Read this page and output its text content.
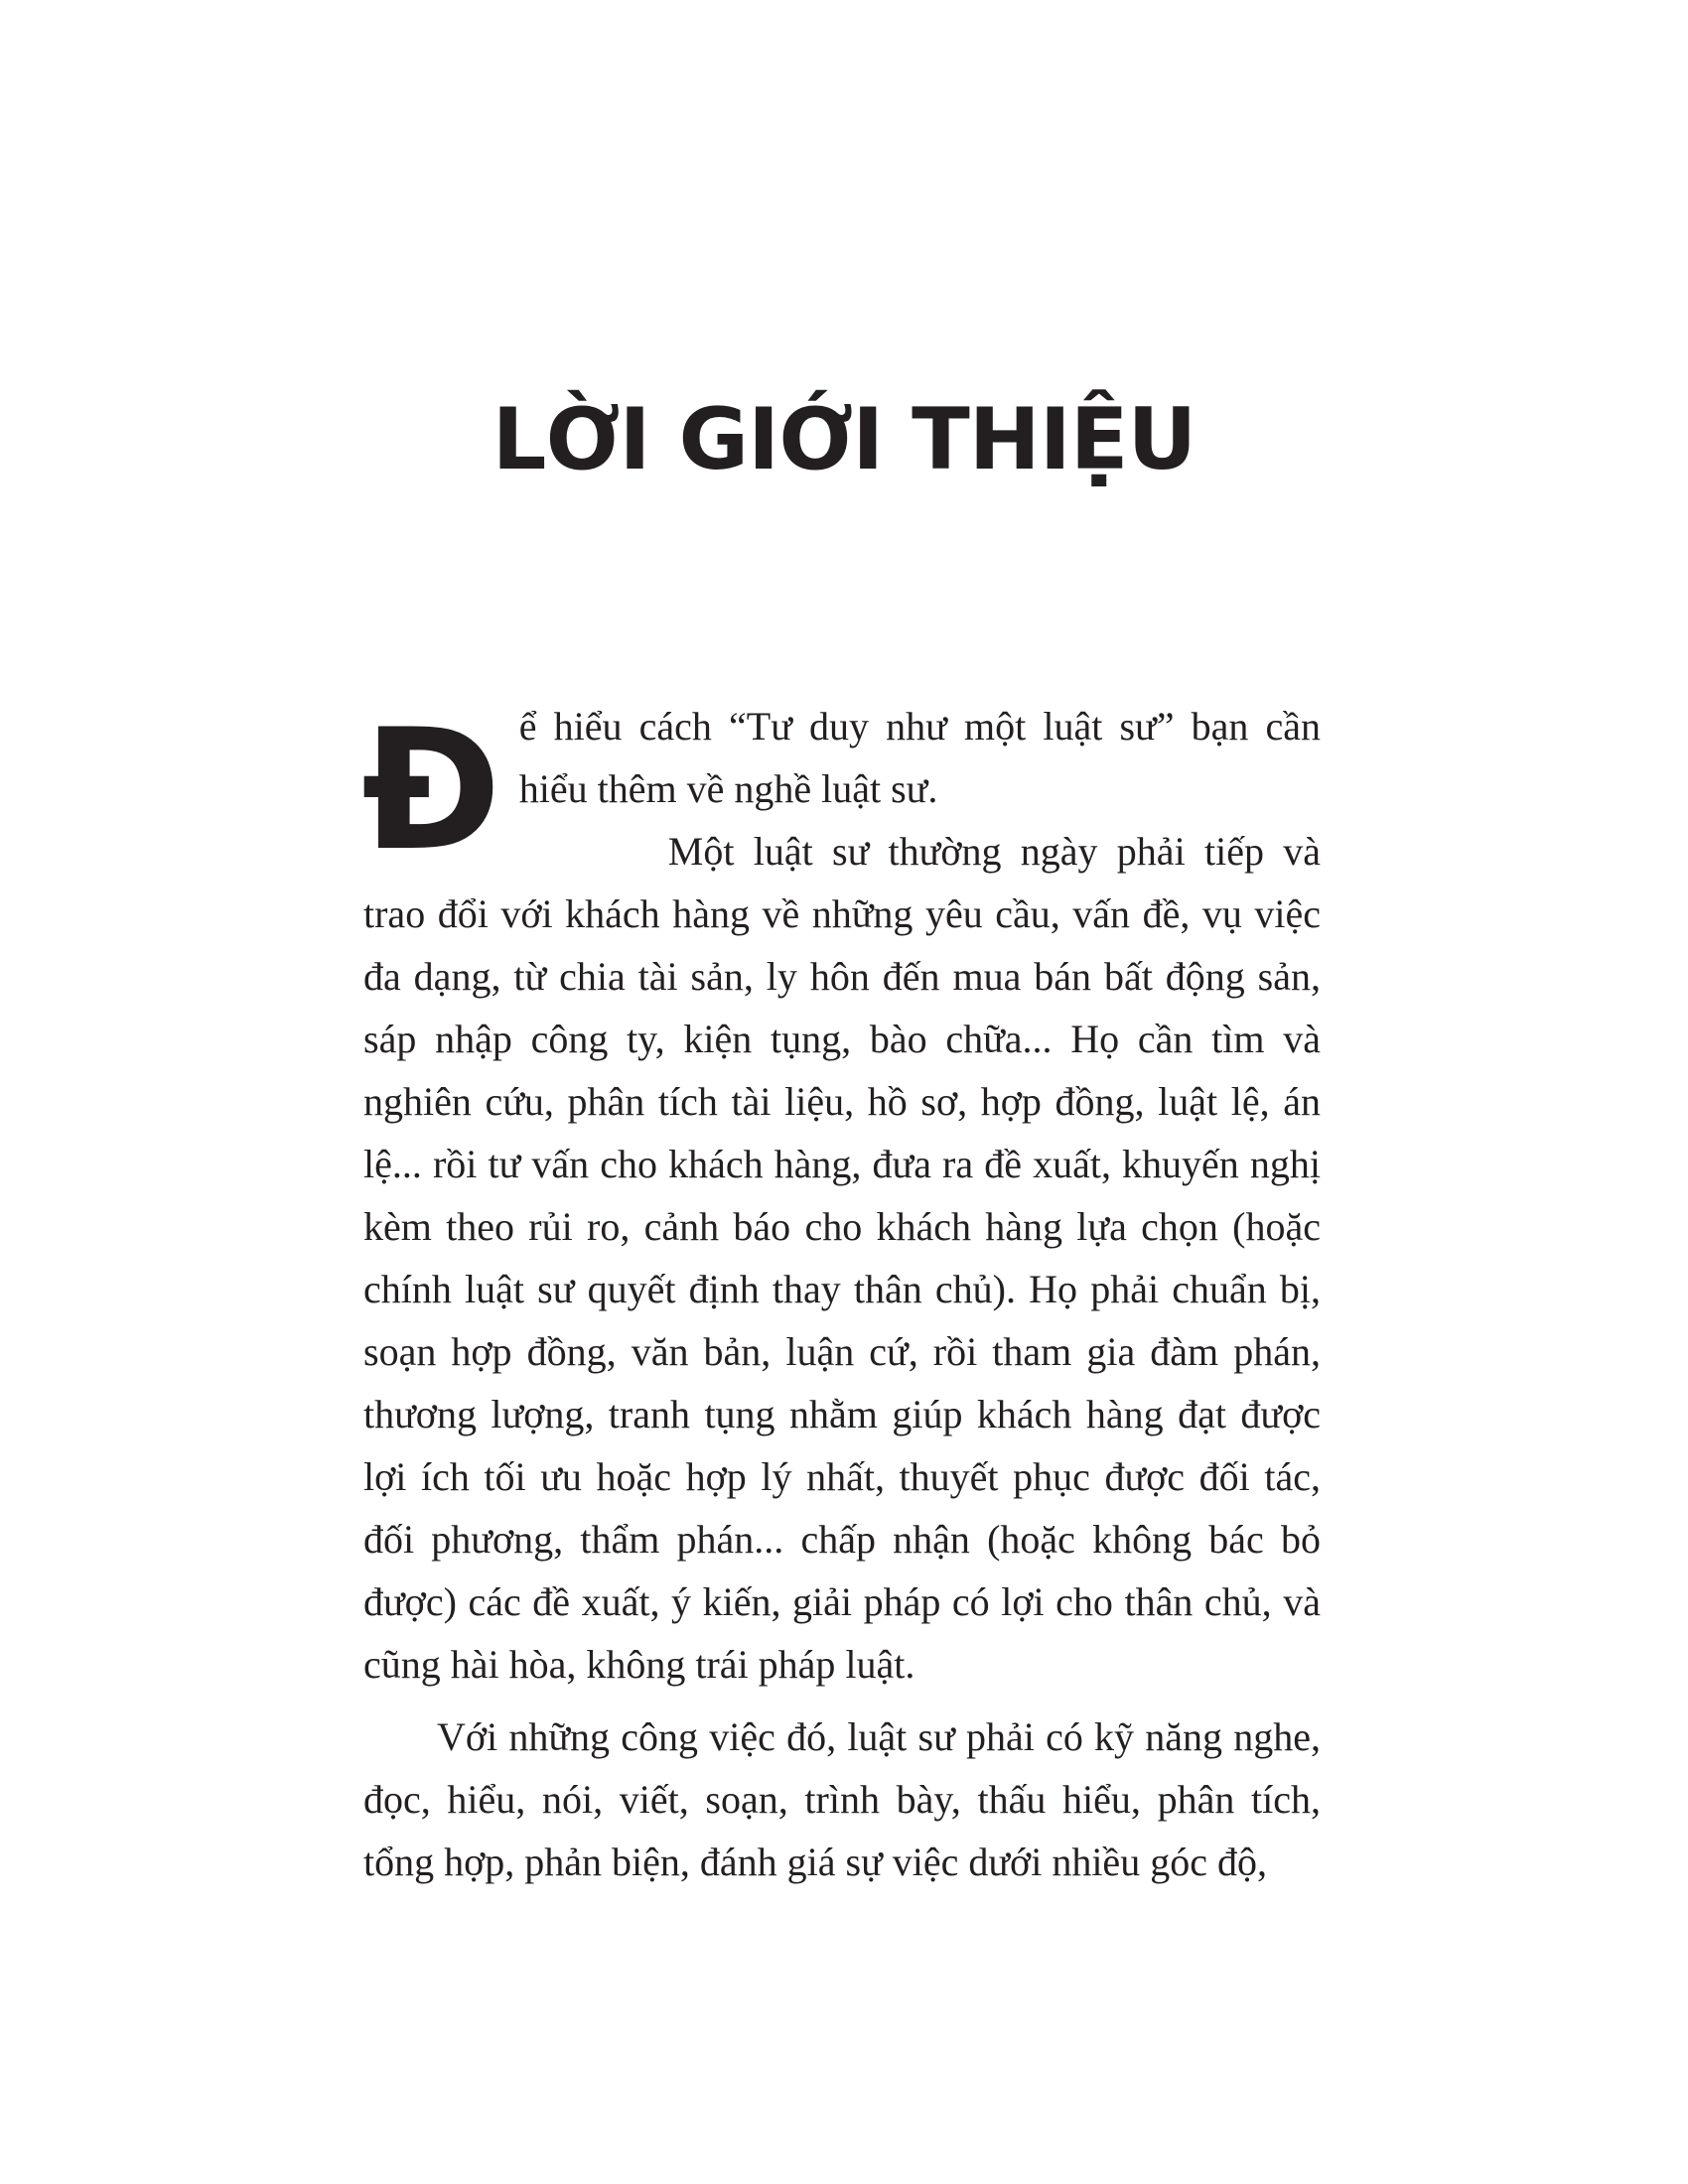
LỜI GIỚI THIỆU
Đ ể hiểu cách “Tư duy như một luật sư” bạn cần hiểu thêm về nghề luật sư.

Một luật sư thường ngày phải tiếp và trao đổi với khách hàng về những yêu cầu, vấn đề, vụ việc đa dạng, từ chia tài sản, ly hôn đến mua bán bất động sản, sáp nhập công ty, kiện tụng, bào chữa... Họ cần tìm và nghiên cứu, phân tích tài liệu, hồ sơ, hợp đồng, luật lệ, án lệ... rồi tư vấn cho khách hàng, đưa ra đề xuất, khuyến nghị kèm theo rủi ro, cảnh báo cho khách hàng lựa chọn (hoặc chính luật sư quyết định thay thân chủ). Họ phải chuẩn bị, soạn hợp đồng, văn bản, luận cứ, rồi tham gia đàm phán, thương lượng, tranh tụng nhằm giúp khách hàng đạt được lợi ích tối ưu hoặc hợp lý nhất, thuyết phục được đối tác, đối phương, thẩm phán... chấp nhận (hoặc không bác bỏ được) các đề xuất, ý kiến, giải pháp có lợi cho thân chủ, và cũng hài hòa, không trái pháp luật.

Với những công việc đó, luật sư phải có kỹ năng nghe, đọc, hiểu, nói, viết, soạn, trình bày, thấu hiểu, phân tích, tổng hợp, phản biện, đánh giá sự việc dưới nhiều góc độ,
